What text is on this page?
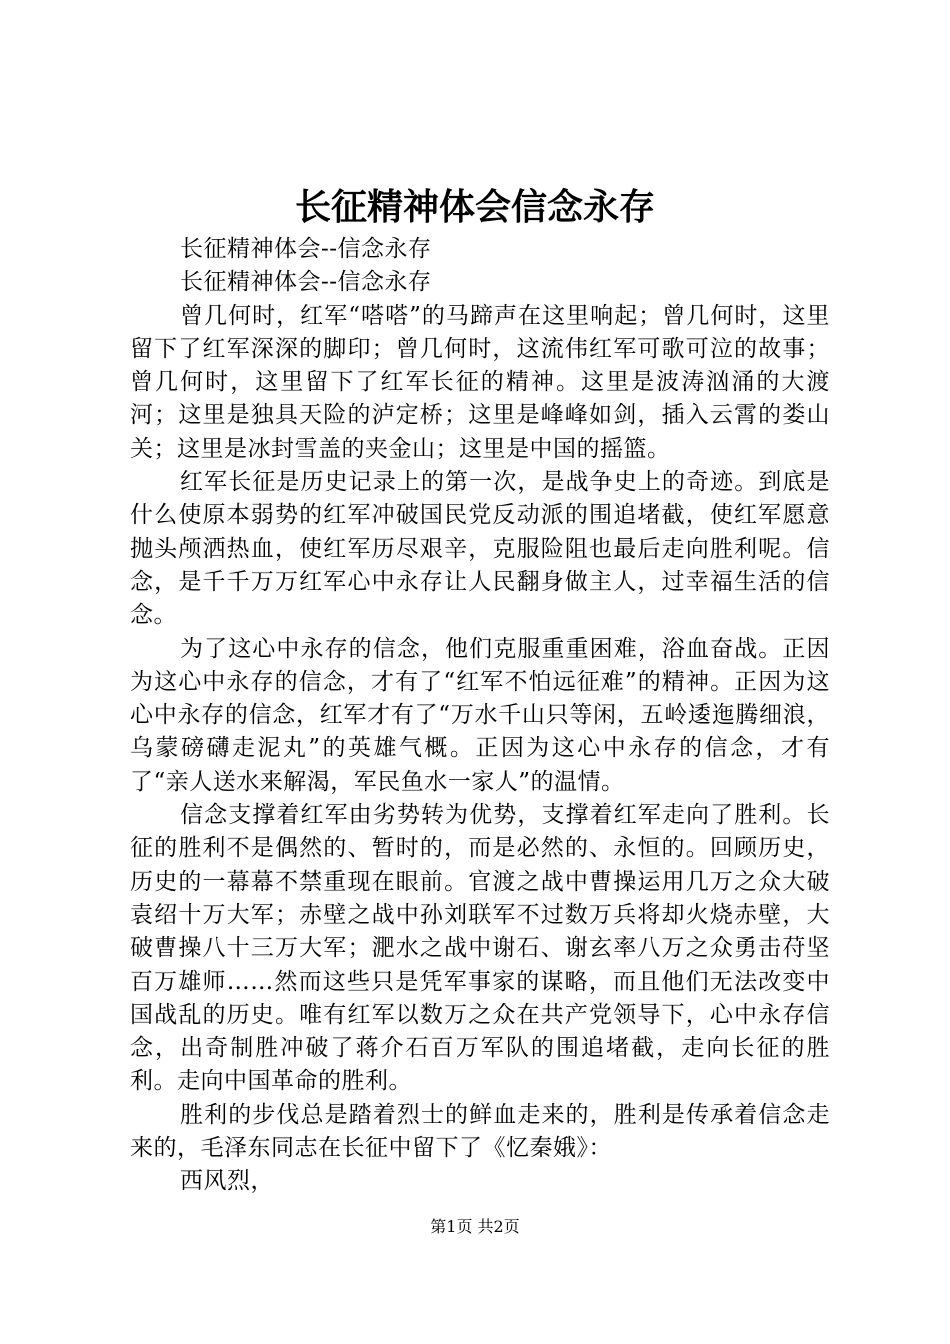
长征精神体会信念永存

长征精神体会--信念永存

长征精神体会--信念永存

曾几何时，红军“嗒嗒”的马蹄声在这里响起；曾几何时，这里留下了红军深深的脚印；曾几何时，这流伟红军可歌可泣的故事；曾几何时，这里留下了红军长征的精神。这里是波涛汹涌的大渡河；这里是独具天险的泸定桥；这里是峰峰如剑，插入云霄的娄山关；这里是冰封雪盖的夹金山；这里是中国的摇篮。

红军长征是历史记录上的第一次，是战争史上的奇迹。到底是什么使原本弱势的红军冲破国民党反动派的围追堵截，使红军愿意抛头颅洒热血，使红军历尽艰辛，克服险阻也最后走向胜利呢。信念，是千千万万红军心中永存让人民翻身做主人，过幸福生活的信念。

为了这心中永存的信念，他们克服重重困难，浴血奋战。正因为这心中永存的信念，才有了“红军不怕远征难”的精神。正因为这心中永存的信念，红军才有了“万水千山只等闲，五岭逶迤腾细浪，乌蒙磅礴走泥丸”的英雄气概。正因为这心中永存的信念，才有了“亲人送水来解渴，军民鱼水一家人”的温情。

信念支撑着红军由劣势转为优势，支撑着红军走向了胜利。长征的胜利不是偶然的、暂时的，而是必然的、永恒的。回顾历史，历史的一幕幕不禁重现在眼前。官渡之战中曹操运用几万之众大破袁绍十万大军；赤壁之战中孙刘联军不过数万兵将却火烧赤壁，大破曹操八十三万大军；淝水之战中谢石、谢玄率八万之众勇击苻坚百万雄师……然而这些只是凭军事家的谋略，而且他们无法改变中国战乱的历史。唯有红军以数万之众在共产党领导下，心中永存信念，出奇制胜冲破了蒋介石百万军队的围追堵截，走向长征的胜利。走向中国革命的胜利。

胜利的步伐总是踏着烈士的鲜血走来的，胜利是传承着信念走来的，毛泽东同志在长征中留下了《忆秦娥》：

西风烈，

第1页 共2页
